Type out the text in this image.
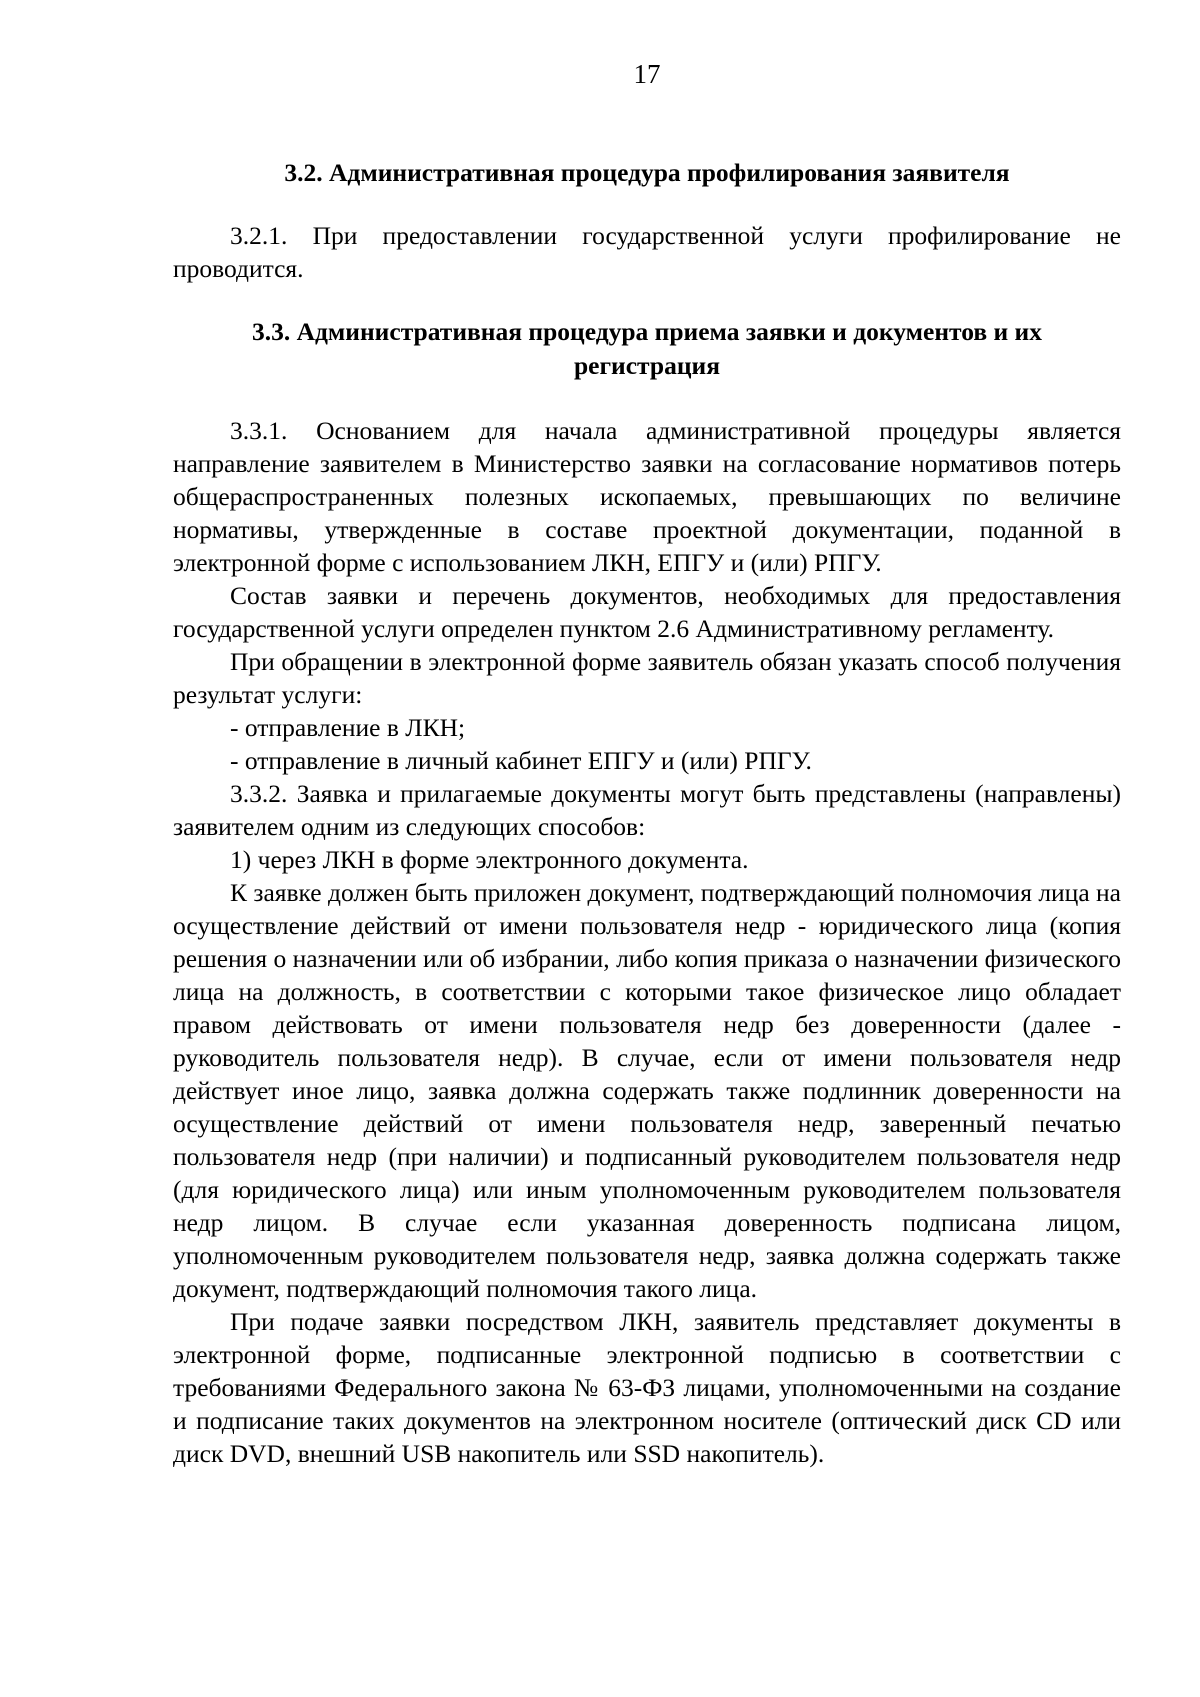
17
3.2. Административная процедура профилирования заявителя

3.2.1. При предоставлении государственной услуги профилирование не проводится.

3.3. Административная процедура приема заявки и документов и их
регистрация

3.3.1. Основанием для начала административной процедуры является направление заявителем в Министерство заявки на согласование нормативов потерь общераспространенных полезных ископаемых, превышающих по величине нормативы, утвержденные в составе проектной документации, поданной в электронной форме с использованием ЛКН, ЕПГУ и (или) РПГУ.

Состав заявки и перечень документов, необходимых для предоставления государственной услуги определен пунктом 2.6 Административному регламенту.

При обращении в электронной форме заявитель обязан указать способ получения результат услуги:

- отправление в ЛКН;

- отправление в личный кабинет ЕПГУ и (или) РПГУ.

3.3.2. Заявка и прилагаемые документы могут быть представлены (направлены) заявителем одним из следующих способов:

1) через ЛКН в форме электронного документа.

К заявке должен быть приложен документ, подтверждающий полномочия лица на осуществление действий от имени пользователя недр - юридического лица (копия решения о назначении или об избрании, либо копия приказа о назначении физического лица на должность, в соответствии с которыми такое физическое лицо обладает правом действовать от имени пользователя недр без доверенности (далее - руководитель пользователя недр). В случае, если от имени пользователя недр действует иное лицо, заявка должна содержать также подлинник доверенности на осуществление действий от имени пользователя недр, заверенный печатью пользователя недр (при наличии) и подписанный руководителем пользователя недр (для юридического лица) или иным уполномоченным руководителем пользователя недр лицом. В случае если указанная доверенность подписана лицом, уполномоченным руководителем пользователя недр, заявка должна содержать также документ, подтверждающий полномочия такого лица.

При подаче заявки посредством ЛКН, заявитель представляет документы в электронной форме, подписанные электронной подписью в соответствии с требованиями Федерального закона № 63-ФЗ лицами, уполномоченными на создание и подписание таких документов на электронном носителе (оптический диск CD или диск DVD, внешний USB накопитель или SSD накопитель).
